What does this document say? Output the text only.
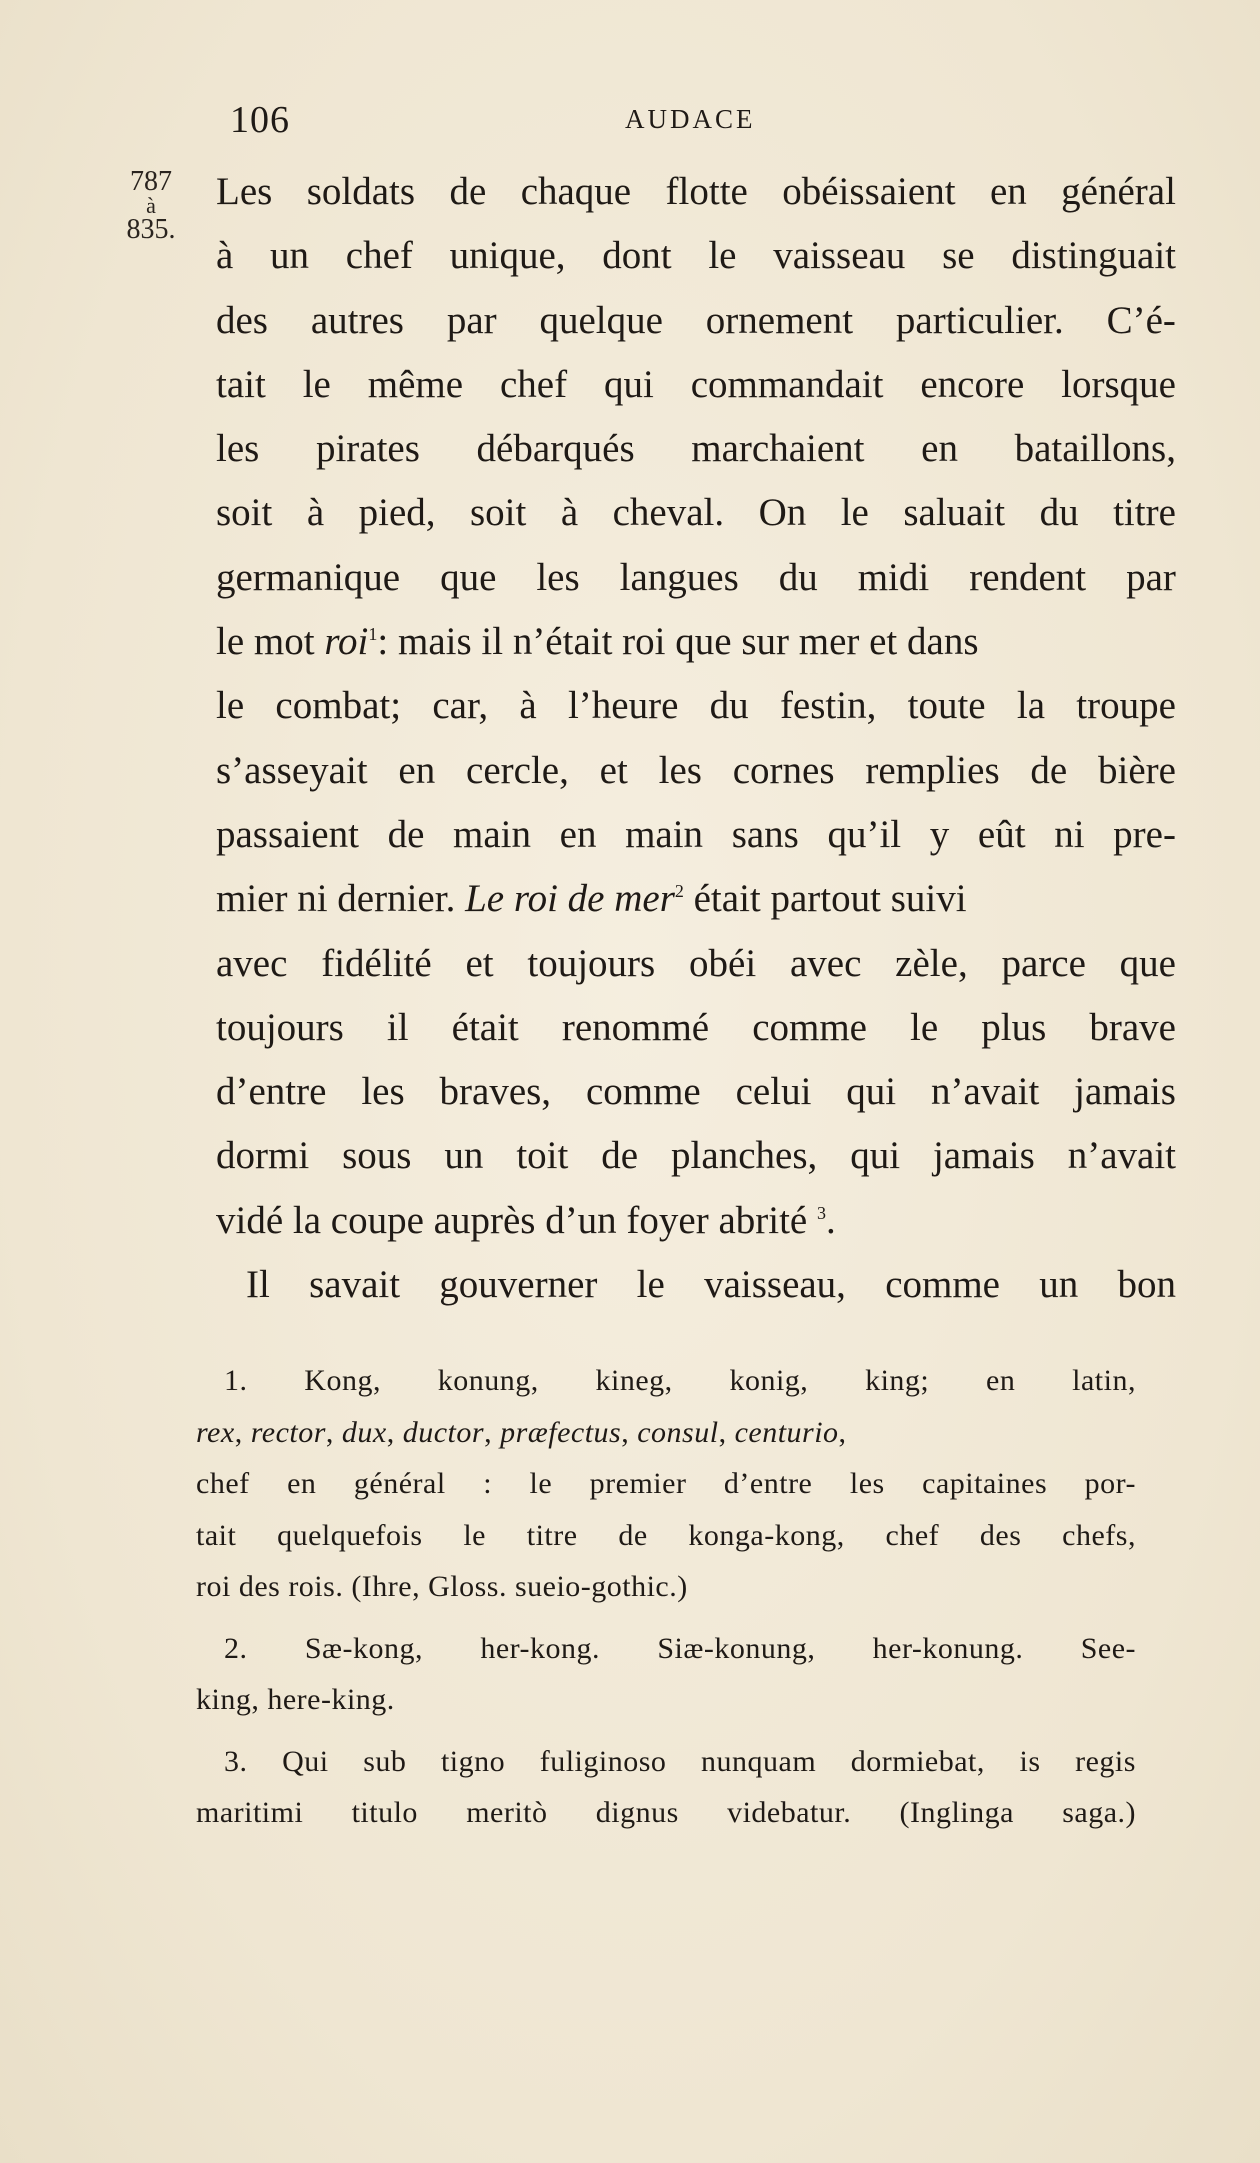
106	AUDACE
787
à
835.
Les soldats de chaque flotte obéissaient en général
à un chef unique, dont le vaisseau se distinguait
des autres par quelque ornement particulier. C’é-
tait le même chef qui commandait encore lorsque
les pirates débarqués marchaient en bataillons,
soit à pied, soit à cheval. On le saluait du titre
germanique que les langues du midi rendent par
le mot roi$^1$: mais il n’était roi que sur mer et dans
le combat; car, à l’heure du festin, toute la troupe
s’asseyait en cercle, et les cornes remplies de bière
passaient de main en main sans qu’il y eût ni pre-
mier ni dernier. Le roi de mer$^2$ était partout suivi
avec fidélité et toujours obéi avec zèle, parce que
toujours il était renommé comme le plus brave
d’entre les braves, comme celui qui n’avait jamais
dormi sous un toit de planches, qui jamais n’avait
vidé la coupe auprès d’un foyer abrité $^3$.
Il savait gouverner le vaisseau, comme un bon
1. Kong, konung, kineg, konig, king; en latin,
rex, rector, dux, ductor, præfectus, consul, centurio,
chef en général : le premier d’entre les capitaines por-
tait quelquefois le titre de konga-kong, chef des chefs,
roi des rois. (Ihre, Gloss. sueio-gothic.)
2. Sæ-kong, her-kong. Siæ-konung, her-konung. See-
king, here-king.
3. Qui sub tigno fuliginoso nunquam dormiebat, is regis
maritimi titulo meritò dignus videbatur. (Inglinga saga.)
